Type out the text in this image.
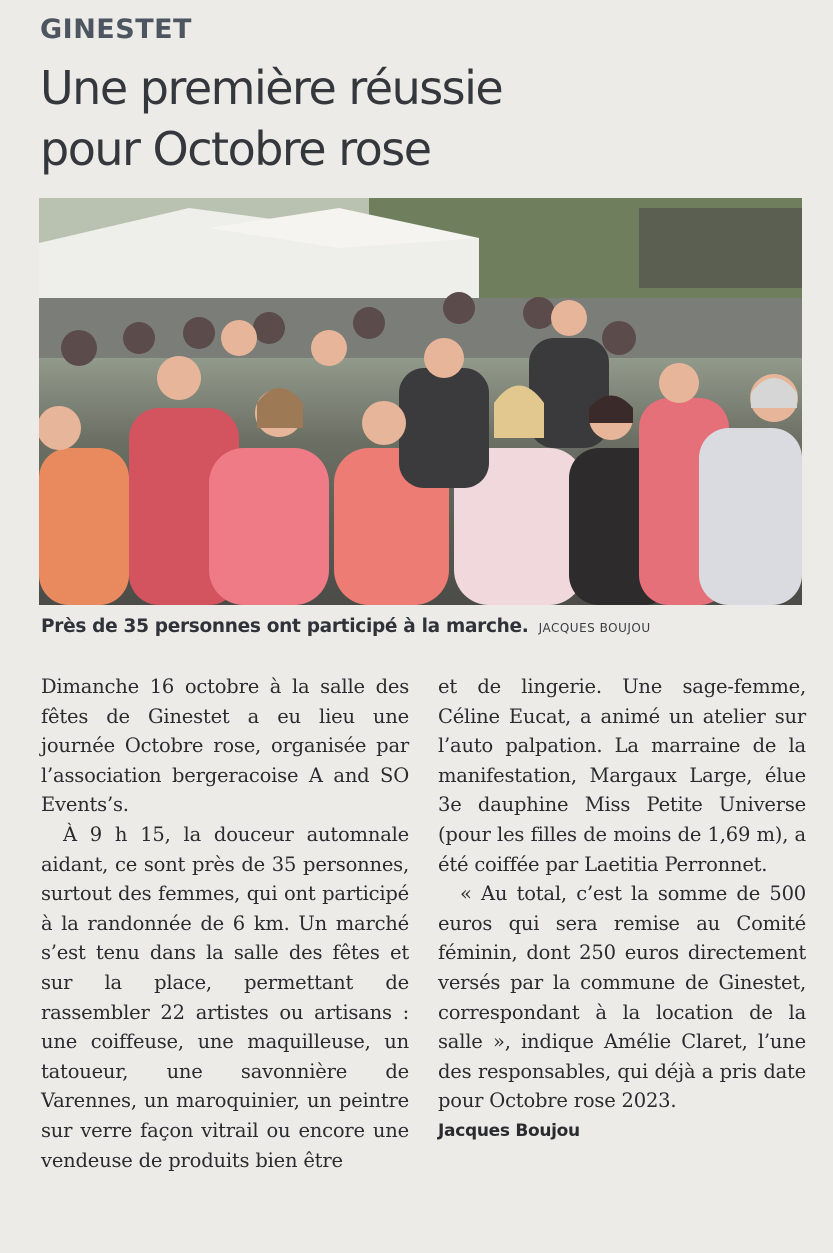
GINESTET
Une première réussie
pour Octobre rose
Près de 35 personnes ont participé à la marche. JACQUES BOUJOU

Dimanche 16 octobre à la salle des fêtes de Ginestet a eu lieu une journée Octobre rose, organisée par l’association bergeracoise A and SO Events’s.

À 9 h 15, la douceur automnale aidant, ce sont près de 35 personnes, surtout des femmes, qui ont participé à la randonnée de 6 km. Un marché s’est tenu dans la salle des fêtes et sur la place, permettant de rassembler 22 artistes ou artisans : une coiffeuse, une maquilleuse, un tatoueur, une savonnière de Varennes, un maroquinier, un peintre sur verre façon vitrail ou encore une vendeuse de produits bien être

et de lingerie. Une sage-femme, Céline Eucat, a animé un atelier sur l’auto palpation. La marraine de la manifestation, Margaux Large, élue 3e dauphine Miss Petite Universe (pour les filles de moins de 1,69 m), a été coiffée par Laetitia Perronnet.

« Au total, c’est la somme de 500 euros qui sera remise au Comité féminin, dont 250 euros directement versés par la commune de Ginestet, correspondant à la location de la salle », indique Amélie Claret, l’une des responsables, qui déjà a pris date pour Octobre rose 2023.

Jacques Boujou
